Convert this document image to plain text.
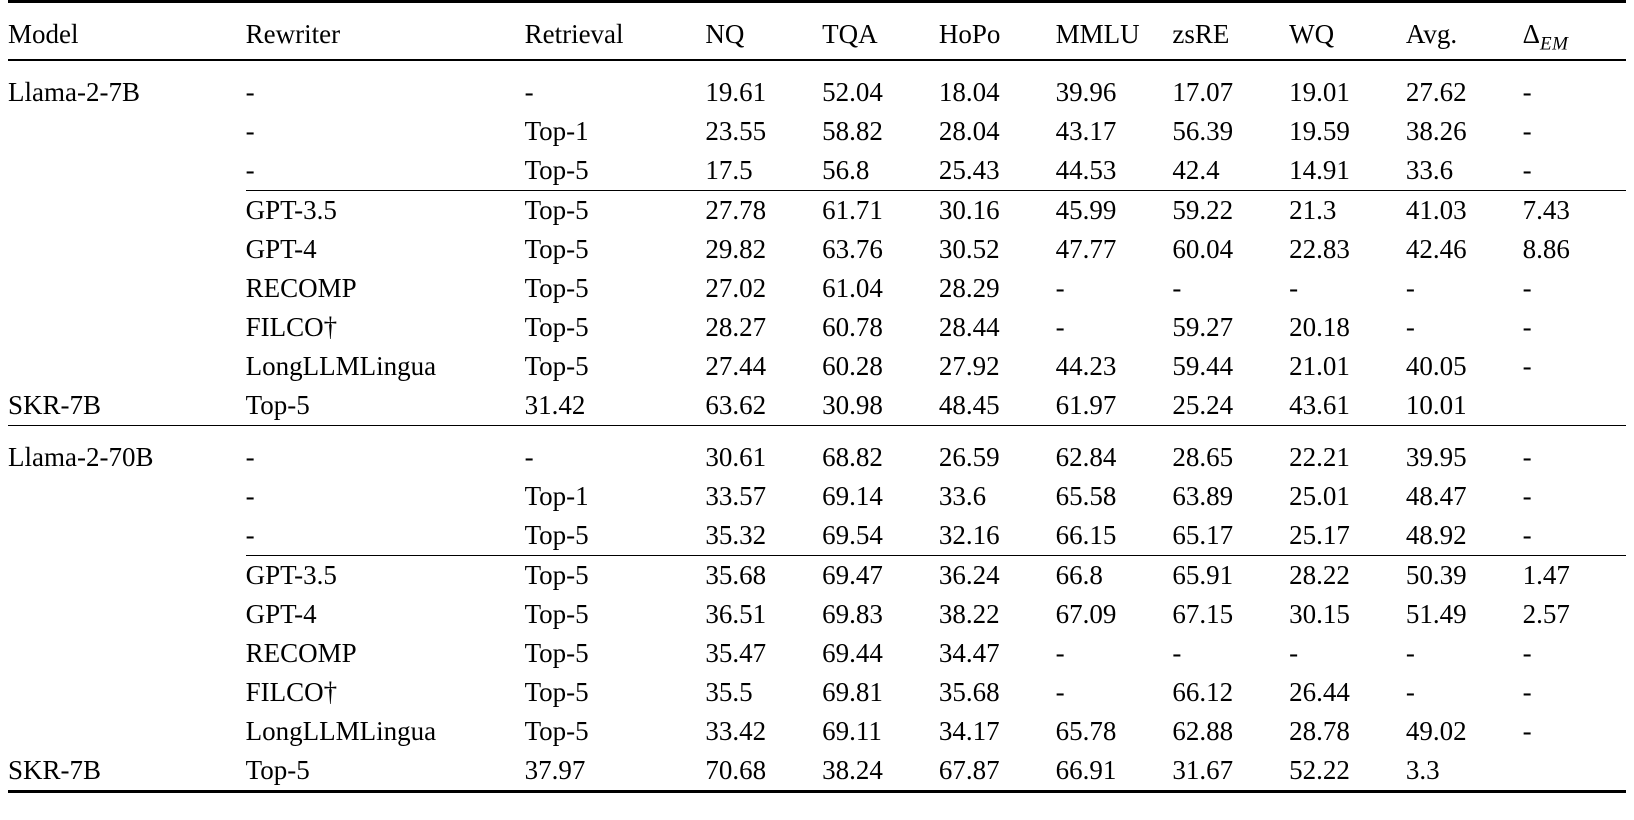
Model	Rewriter	Retrieval	NQ	TQA	HoPo	MMLU	zsRE	WQ	Avg.	$\Delta_{EM}$

Llama-2-7B	-	-	19.61	52.04	18.04	39.96	17.07	19.01	27.62	-
	-	Top-1	23.55	58.82	28.04	43.17	56.39	19.59	38.26	-
	-	Top-5	17.5	56.8	25.43	44.53	42.4	14.91	33.6	-

	GPT-3.5	Top-5	27.78	61.71	30.16	45.99	59.22	21.3	41.03	7.43
	GPT-4	Top-5	29.82	63.76	30.52	47.77	60.04	22.83	42.46	8.86
	RECOMP	Top-5	27.02	61.04	28.29	-	-	-	-	-
	FILCO†	Top-5	28.27	60.78	28.44	-	59.27	20.18	-	-
	LongLLMLingua	Top-5	27.44	60.28	27.92	44.23	59.44	21.01	40.05	-
SKR-7B	Top-5	31.42	63.62	30.98	48.45	61.97	25.24	43.61	10.01	

Llama-2-70B	-	-	30.61	68.82	26.59	62.84	28.65	22.21	39.95	-
	-	Top-1	33.57	69.14	33.6	65.58	63.89	25.01	48.47	-
	-	Top-5	35.32	69.54	32.16	66.15	65.17	25.17	48.92	-

	GPT-3.5	Top-5	35.68	69.47	36.24	66.8	65.91	28.22	50.39	1.47
	GPT-4	Top-5	36.51	69.83	38.22	67.09	67.15	30.15	51.49	2.57
	RECOMP	Top-5	35.47	69.44	34.47	-	-	-	-	-
	FILCO†	Top-5	35.5	69.81	35.68	-	66.12	26.44	-	-
	LongLLMLingua	Top-5	33.42	69.11	34.17	65.78	62.88	28.78	49.02	-
SKR-7B	Top-5	37.97	70.68	38.24	67.87	66.91	31.67	52.22	3.3	
